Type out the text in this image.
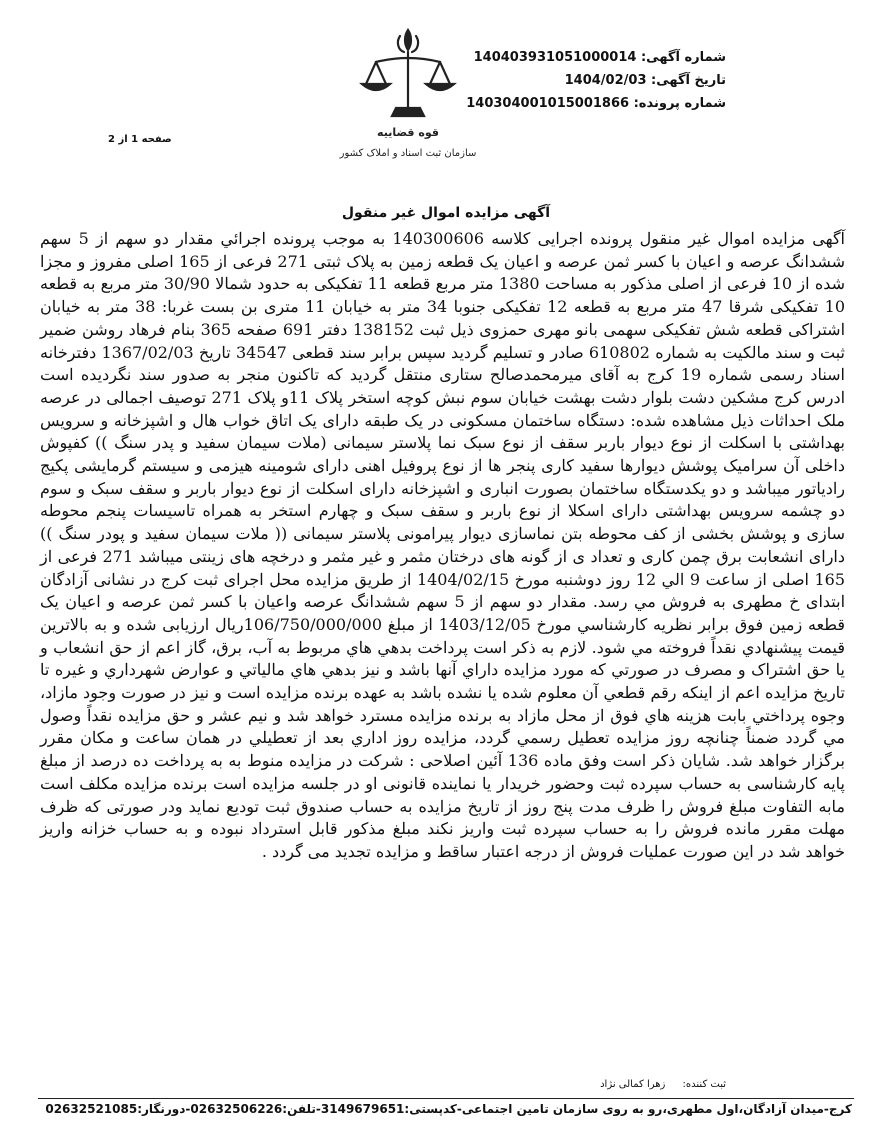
شماره آگهی: 140403931051000014
تاریخ آگهی: 1404/02/03
شماره پرونده: 140304001015001866
قوه قضاییه
سازمان ثبت اسناد و املاک کشور
صفحه 1 از 2
آگهی مزایده اموال غیر منقول
آگهی مزایده اموال غیر منقول پرونده اجرایی کلاسه 140300606 به موجب پرونده اجرائي مقدار دو سهم از 5 سهم ششدانگ عرصه و اعيان با كسر ثمن عرصه و اعيان يک قطعه زمين به پلاک ثبتی 271 فرعی از 165 اصلی مفروز و مجزا شده از 10 فرعی از اصلی مذکور به مساحت 1380 متر مربع قطعه 11 تفکیکی به حدود شمالا 30/90 متر مربع به قطعه 10 تفکیکی شرقا 47 متر مربع به قطعه 12 تفکیکی جنوبا 34 متر به خیابان 11 متری بن بست غربا: 38 متر به خیابان اشتراکی قطعه شش تفکیکی سهمی بانو مهری حمزوی ذیل ثبت 138152 دفتر 691 صفحه 365 بنام فرهاد روشن ضمیر ثبت و سند مالکیت به شماره 610802 صادر و تسلیم گردید سپس برابر سند قطعی 34547 تاریخ 1367/02/03 دفترخانه اسناد رسمی شماره 19 کرج به آقای میرمحمدصالح ستاری منتقل گردید که تاکنون منجر به صدور سند نگردیده است ادرس کرج مشکین دشت بلوار دشت بهشت خیابان سوم نبش کوچه استخر پلاک 11و پلاک 271 توصیف اجمالی در عرصه ملک احداثات ذیل مشاهده شده: دستگاه ساختمان مسکونی در یک طبقه دارای یک اتاق خواب هال و اشپزخانه و سرویس بهداشتی با اسکلت از نوع دیوار باربر سقف از نوع سبک نما پلاستر سیمانی (ملات سیمان سفید و پدر سنگ )) کفپوش داخلی آن سرامیک پوشش دیوارها سفید کاری پنجر ها از نوع پروفیل اهنی دارای شومینه هیزمی و سیستم گرمایشی پکیج رادیاتور میباشد و دو یکدستگاه ساختمان بصورت انباری و اشپزخانه دارای اسکلت از نوع دیوار باربر و سقف سبک و سوم دو چشمه سرویس بهداشتی دارای اسکلا از نوع باربر و سقف سبک و چهارم استخر به همراه تاسیسات پنجم محوطه سازی و پوشش بخشی از کف محوطه بتن نماسازی دیوار پیرامونی پلاستر سیمانی (( ملات سیمان سفید و پودر سنگ )) دارای انشعابت برق چمن کاری و تعداد ی از گونه های درختان مثمر و غیر مثمر و درخچه های زینتی میباشد 271 فرعی از 165 اصلی از ساعت 9 الي 12 روز دوشنبه مورخ 1404/02/15 از طريق مزايده محل اجرای ثبت کرج در نشانی آزادگان ابتدای خ مطهری به فروش مي رسد. مقدار دو سهم از 5 سهم ششدانگ عرصه واعيان با كسر ثمن عرصه و اعيان يک قطعه زمين فوق برابر نظريه كارشناسي مورخ 1403/12/05 از مبلغ 106/750/000/000ريال ارزيابی شده و به بالاترين قيمت پيشنهادي نقداً فروخته مي شود. لازم به ذكر است پرداخت بدهي هاي مربوط به آب، برق، گاز اعم از حق انشعاب و يا حق اشتراک و مصرف در صورتي كه مورد مزايده داراي آنها باشد و نيز بدهي هاي مالياتي و عوارض شهرداري و غيره تا تاريخ مزايده اعم از اينكه رقم قطعي آن معلوم شده يا نشده باشد به عهده برنده مزايده است و نيز در صورت وجود مازاد، وجوه پرداختي بابت هزينه هاي فوق از محل مازاد به برنده مزايده مسترد خواهد شد و نيم عشر و حق مزايده نقداً وصول مي گردد ضمناً چنانچه روز مزايده تعطيل رسمي گردد، مزايده روز اداري بعد از تعطيلي در همان ساعت و مكان مقرر برگزار خواهد شد. شایان ذکر است وفق ماده 136 آئین اصلاحی : شرکت در مزایده منوط به به پرداخت ده درصد از مبلغ پایه کارشناسی به حساب سپرده ثبت وحضور خریدار یا نماینده قانونی او در جلسه مزایده است برنده مزایده مکلف است مابه التفاوت مبلغ فروش را ظرف مدت پنج روز از تاریخ مزایده به حساب صندوق ثبت توديع نماید ودر صورتی که ظرف مهلت مقرر مانده فروش را به حساب سپرده ثبت واریز نکند مبلغ مذکور قابل استرداد نبوده و به حساب خزانه واریز خواهد شد در این صورت عملیات فروش از درجه اعتبار ساقط و مزایده تجدید می گردد .
ثبت کننده: زهرا کمالی نژاد
کرج-میدان آزادگان،اول مطهری،رو به روی سازمان تامین اجتماعی-کدپستی:3149679651-تلفن:02632506226-دورنگار:02632521085
